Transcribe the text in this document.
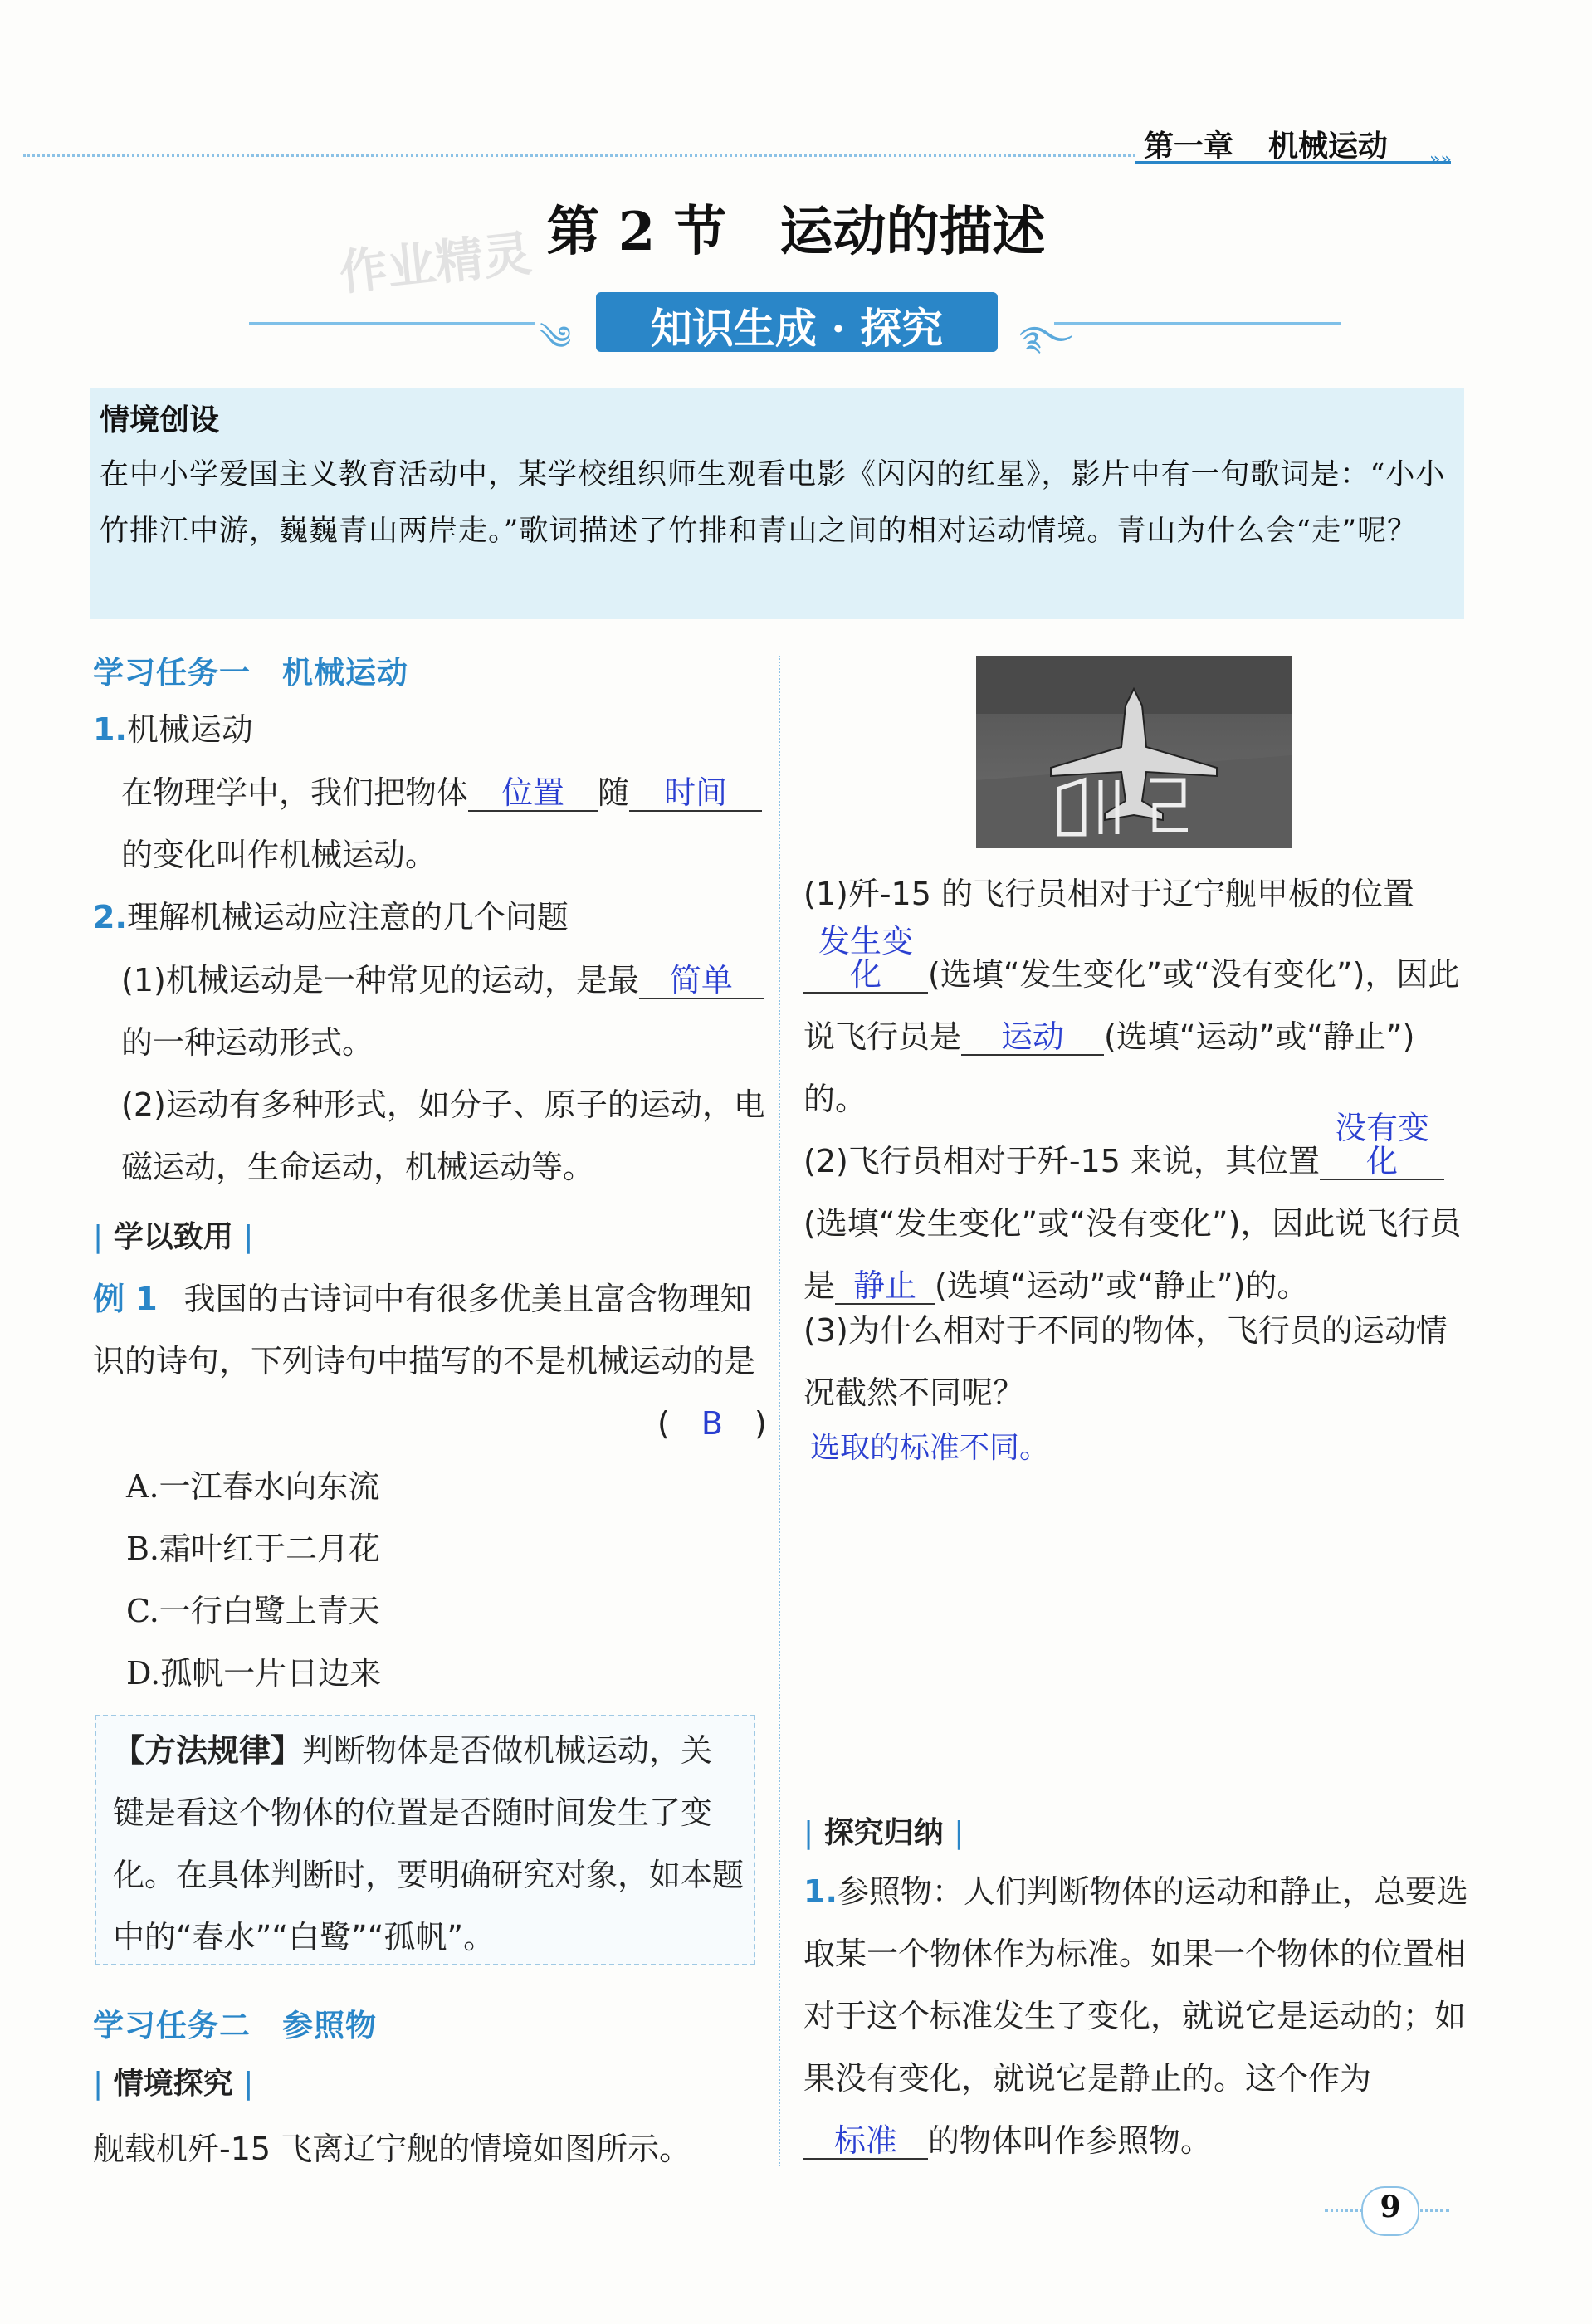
第一章 机械运动 »»
作业精灵 第 2 节　运动的描述
༄	࿐
知识生成 · 探究
情境创设
在中小学爱国主义教育活动中，某学校组织师生观看电影《闪闪的红星》，影片中有一句歌词是：“小小竹排江中游，巍巍青山两岸走。”歌词描述了竹排和青山之间的相对运动情境。青山为什么会“走”呢？
学习任务一　机械运动
1.机械运动
在物理学中，我们把物体 位置 随 时间
的变化叫作机械运动。
2.理解机械运动应注意的几个问题
(1)机械运动是一种常见的运动，是最 简单
的一种运动形式。
(2)运动有多种形式，如分子、原子的运动，电磁运动，生命运动，机械运动等。
| 学以致用 |
例 1 我国的古诗词中有很多优美且富含物理知识的诗句，下列诗句中描写的不是机械运动的是
(　B　)
A.一江春水向东流
B.霜叶红于二月花
C.一行白鹭上青天
D.孤帆一片日边来
【方法规律】判断物体是否做机械运动，关键是看这个物体的位置是否随时间发生了变化。在具体判断时，要明确研究对象，如本题中的“春水”“白鹭”“孤帆”。
学习任务二　参照物
| 情境探究 |
舰载机歼-15 飞离辽宁舰的情境如图所示。
(1)歼-15 的飞行员相对于辽宁舰甲板的位置发生变化 (选填“发生变化”或“没有变化”)，因此说飞行员是 运动 (选填“运动”或“静止”)的。
(2)飞行员相对于歼-15 来说，其位置没有变化(选填“发生变化”或“没有变化”)，因此说飞行员是 静止 (选填“运动”或“静止”)的。
(3)为什么相对于不同的物体，飞行员的运动情况截然不同呢？
选取的标准不同。
| 探究归纳 |
1.参照物：人们判断物体的运动和静止，总要选取某一个物体作为标准。如果一个物体的位置相对于这个标准发生了变化，就说它是运动的；如果没有变化，就说它是静止的。这个作为标准 的物体叫作参照物。
9
